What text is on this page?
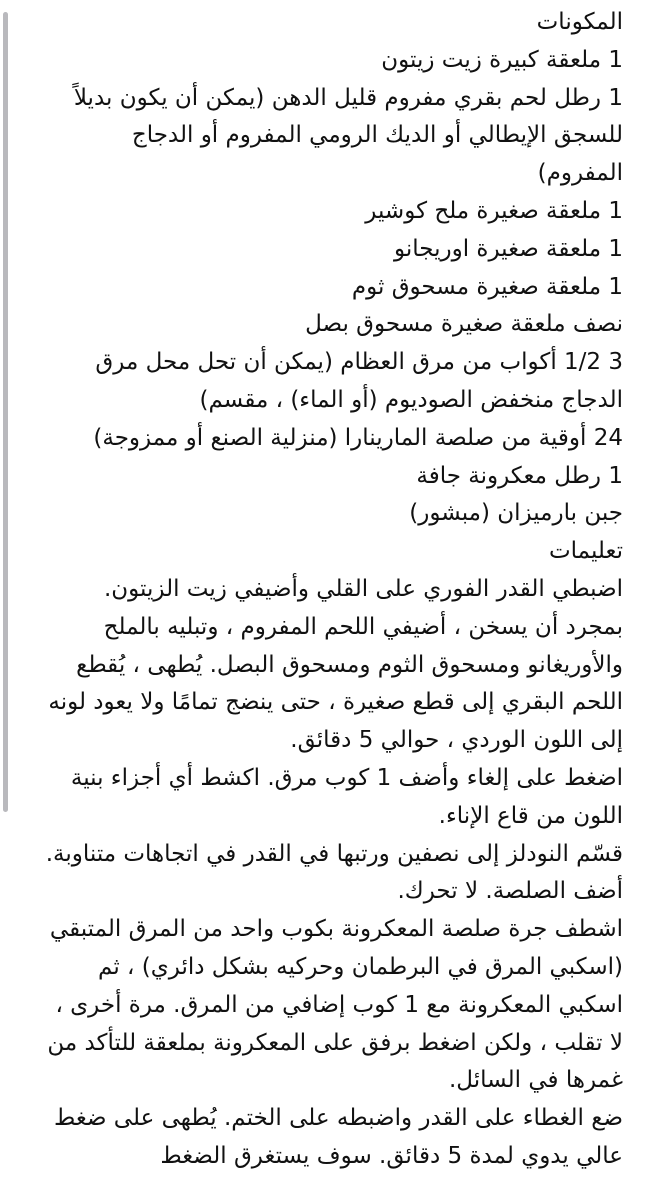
المكونات

1 ملعقة كبيرة زيت زيتون

1 رطل لحم بقري مفروم قليل الدهن (يمكن أن يكون بديلاً للسجق الإيطالي أو الديك الرومي المفروم أو الدجاج المفروم)

1 ملعقة صغيرة ملح كوشير

1 ملعقة صغيرة اوريجانو

1 ملعقة صغيرة مسحوق ثوم

نصف ملعقة صغيرة مسحوق بصل

3 1/2 أكواب من مرق العظام (يمكن أن تحل محل مرق الدجاج منخفض الصوديوم (أو الماء) ، مقسم)

24 أوقية من صلصة المارينارا (منزلية الصنع أو ممزوجة)

1 رطل معكرونة جافة

جبن بارميزان (مبشور)

تعليمات

اضبطي القدر الفوري على القلي وأضيفي زيت الزيتون.

بمجرد أن يسخن ، أضيفي اللحم المفروم ، وتبليه بالملح والأوريغانو ومسحوق الثوم ومسحوق البصل. يُطهى ، يُقطع اللحم البقري إلى قطع صغيرة ، حتى ينضج تمامًا ولا يعود لونه إلى اللون الوردي ، حوالي 5 دقائق.

اضغط على إلغاء وأضف 1 كوب مرق. اكشط أي أجزاء بنية اللون من قاع الإناء.

قسّم النودلز إلى نصفين ورتبها في القدر في اتجاهات متناوبة. أضف الصلصة. لا تحرك.

اشطف جرة صلصة المعكرونة بكوب واحد من المرق المتبقي (اسكبي المرق في البرطمان وحركيه بشكل دائري) ، ثم اسكبي المعكرونة مع 1 كوب إضافي من المرق. مرة أخرى ، لا تقلب ، ولكن اضغط برفق على المعكرونة بملعقة للتأكد من غمرها في السائل.

ضع الغطاء على القدر واضبطه على الختم. يُطهى على ضغط عالي يدوي لمدة 5 دقائق. سوف يستغرق الضغط
